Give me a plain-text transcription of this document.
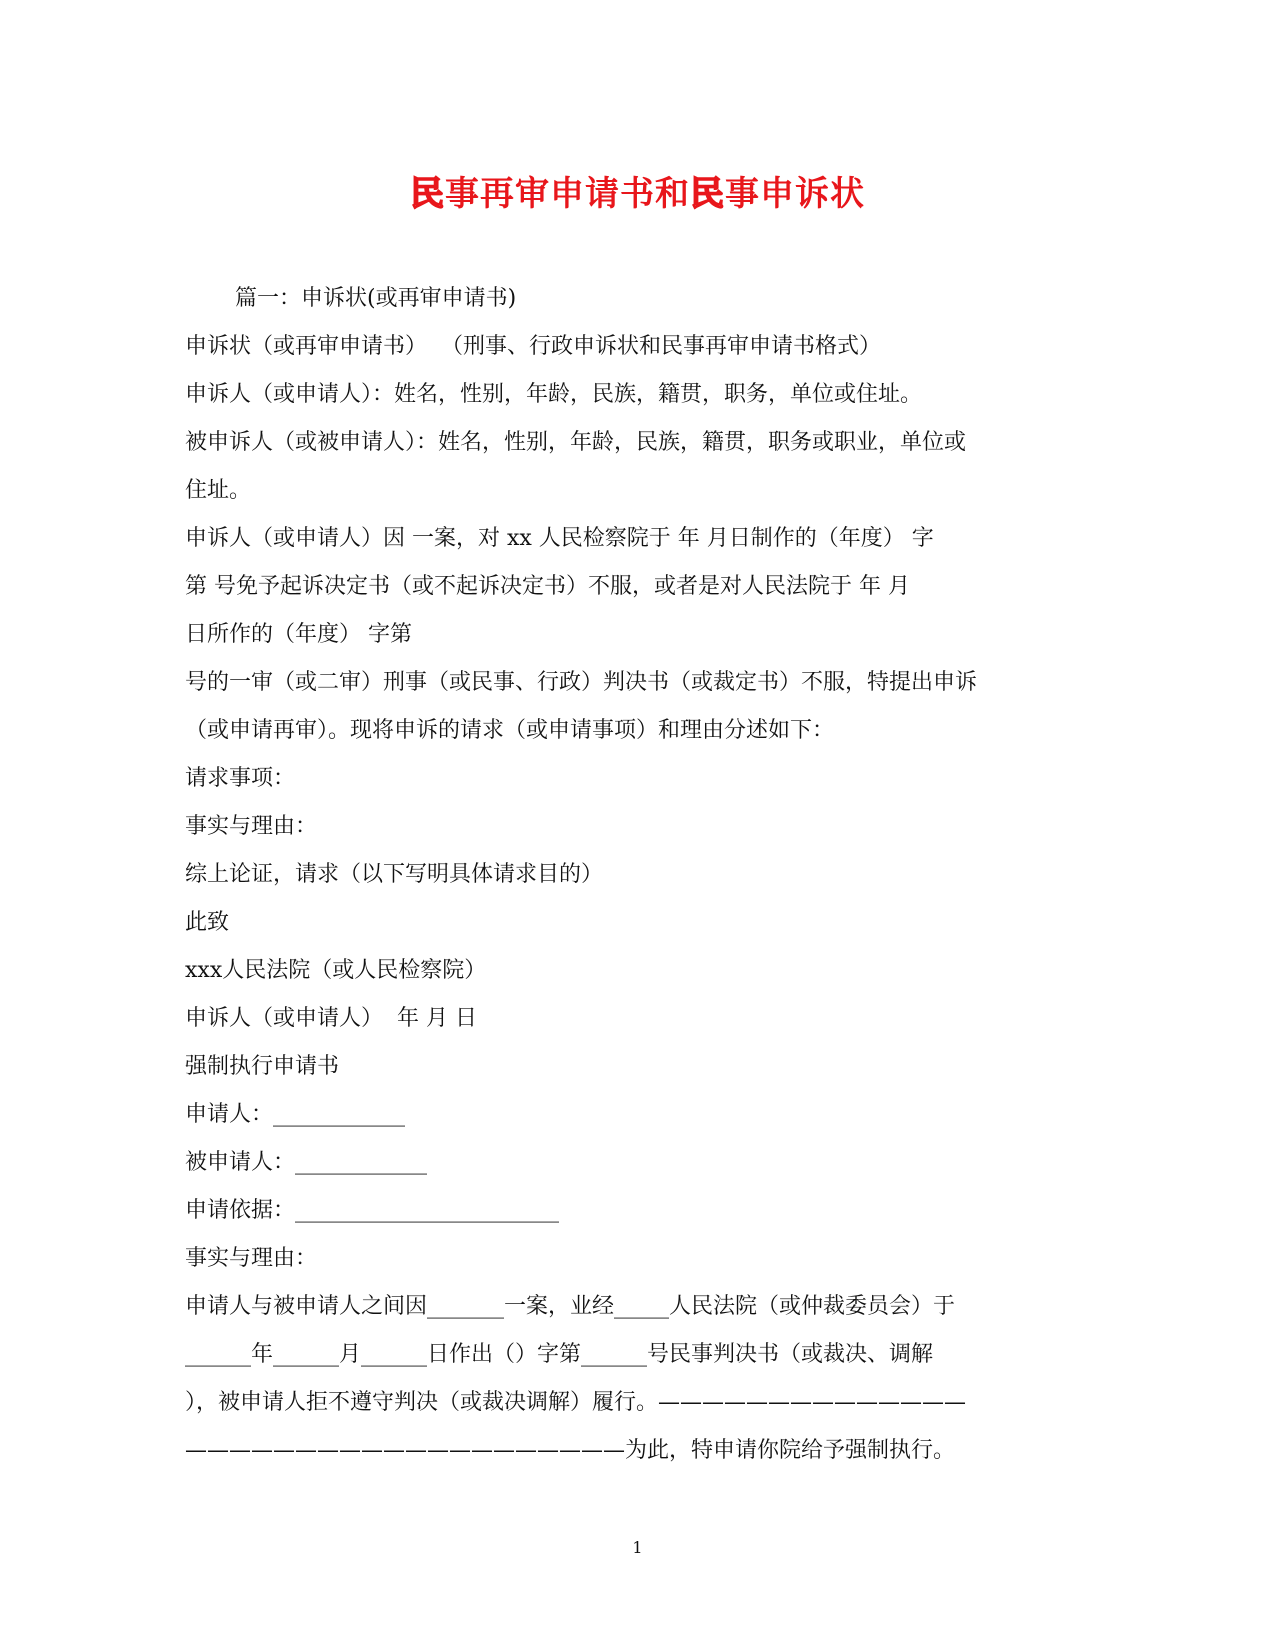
民事再审申请书和民事申诉状
篇一：申诉状(或再审申请书)
申诉状（或再审申请书）  （刑事、行政申诉状和民事再审申请书格式）
申诉人（或申请人）：姓名，性别，年龄，民族，籍贯，职务，单位或住址。
被申诉人（或被申请人）：姓名，性别，年龄，民族，籍贯，职务或职业，单位或
住址。
申诉人（或申请人）因 一案，对 xx 人民检察院于 年 月日制作的（年度） 字
第 号免予起诉决定书（或不起诉决定书）不服，或者是对人民法院于 年 月
日所作的（年度） 字第
号的一审（或二审）刑事（或民事、行政）判决书（或裁定书）不服，特提出申诉
（或申请再审）。现将申诉的请求（或申请事项）和理由分述如下：
请求事项：
事实与理由：
综上论证，请求（以下写明具体请求目的）
此致
xxx人民法院（或人民检察院）
申诉人（或申请人）  年 月 日
强制执行申请书
申请人：____________
被申请人：____________
申请依据：________________________
事实与理由：
申请人与被申请人之间因_______一案，业经_____人民法院（或仲裁委员会）于
______年______月______日作出（）字第______号民事判决书（或裁决、调解
），被申请人拒不遵守判决（或裁决调解）履行。——————————————
————————————————————为此，特申请你院给予强制执行。
1
